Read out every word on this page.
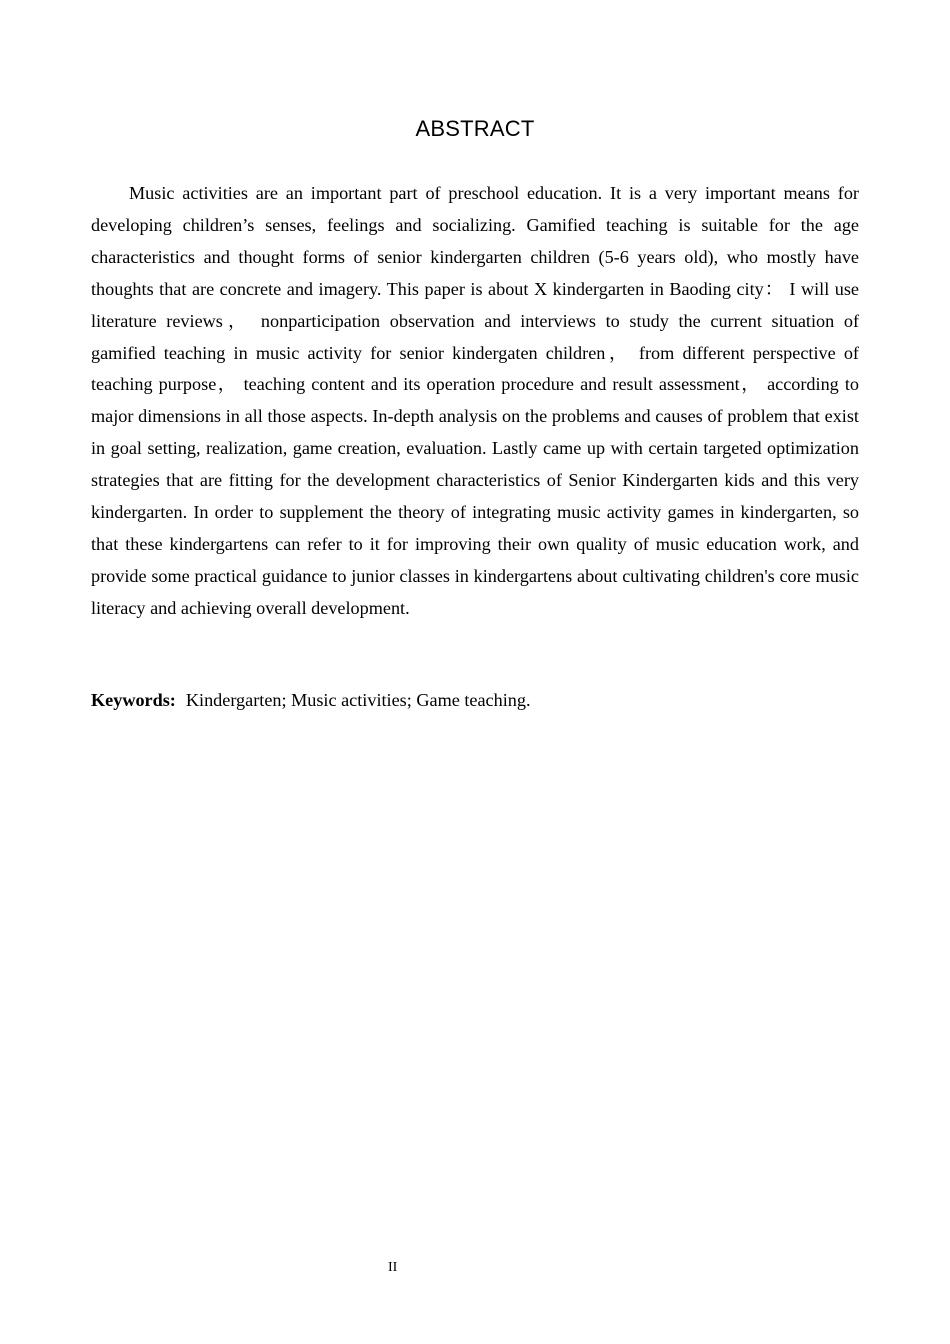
ABSTRACT

Music activities are an important part of preschool education. It is a very important means for developing children’s senses, feelings and socializing. Gamified teaching is suitable for the age characteristics and thought forms of senior kindergarten children (5-6 years old), who mostly have thoughts that are concrete and imagery. This paper is about X kindergarten in Baoding city： I will use literature reviews， nonparticipation observation and interviews to study the current situation of gamified teaching in music activity for senior kindergaten children， from different perspective of teaching purpose， teaching content and its operation procedure and result assessment， according to major dimensions in all those aspects. In-depth analysis on the problems and causes of problem that exist in goal setting, realization, game creation, evaluation. Lastly came up with certain targeted optimization strategies that are fitting for the development characteristics of Senior Kindergarten kids and this very kindergarten. In order to supplement the theory of integrating music activity games in kindergarten, so that these kindergartens can refer to it for improving their own quality of music education work, and provide some practical guidance to junior classes in kindergartens about cultivating children's core music literacy and achieving overall development.

Keywords: Kindergarten; Music activities; Game teaching.

II
